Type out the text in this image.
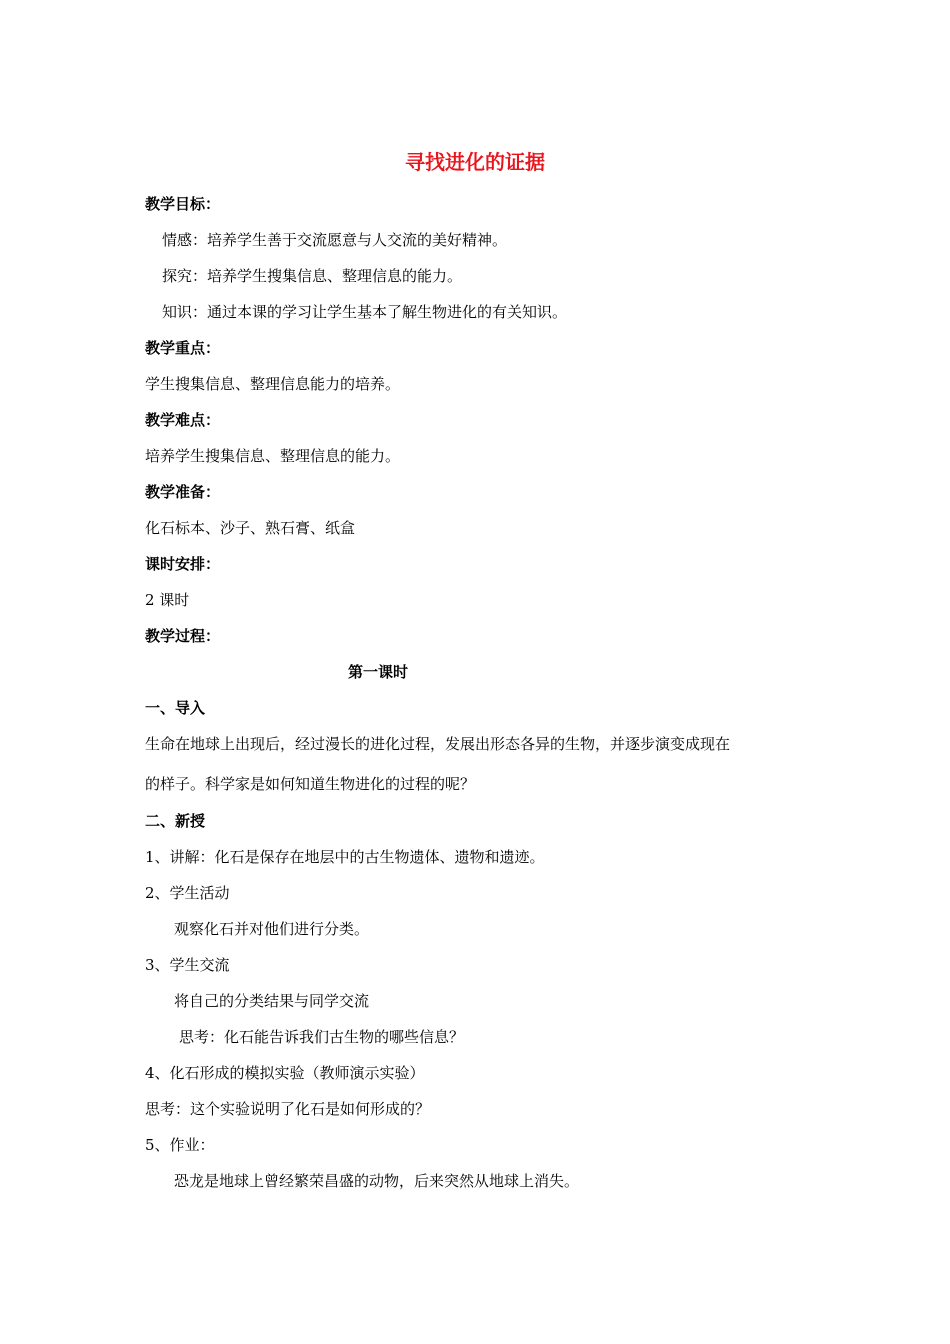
寻找进化的证据
教学目标：
情感：培养学生善于交流愿意与人交流的美好精神。
探究：培养学生搜集信息、整理信息的能力。
知识：通过本课的学习让学生基本了解生物进化的有关知识。
教学重点：
学生搜集信息、整理信息能力的培养。
教学难点：
培养学生搜集信息、整理信息的能力。
教学准备：
化石标本、沙子、熟石膏、纸盒
课时安排：
2 课时
教学过程：
第一课时
一、导入
生命在地球上出现后，经过漫长的进化过程，发展出形态各异的生物，并逐步演变成现在
的样子。科学家是如何知道生物进化的过程的呢？
二、新授
1、讲解：化石是保存在地层中的古生物遗体、遗物和遗迹。
2、学生活动
观察化石并对他们进行分类。
3、学生交流
将自己的分类结果与同学交流
思考：化石能告诉我们古生物的哪些信息？
4、化石形成的模拟实验（教师演示实验）
思考：这个实验说明了化石是如何形成的？
5、作业：
恐龙是地球上曾经繁荣昌盛的动物，后来突然从地球上消失。
